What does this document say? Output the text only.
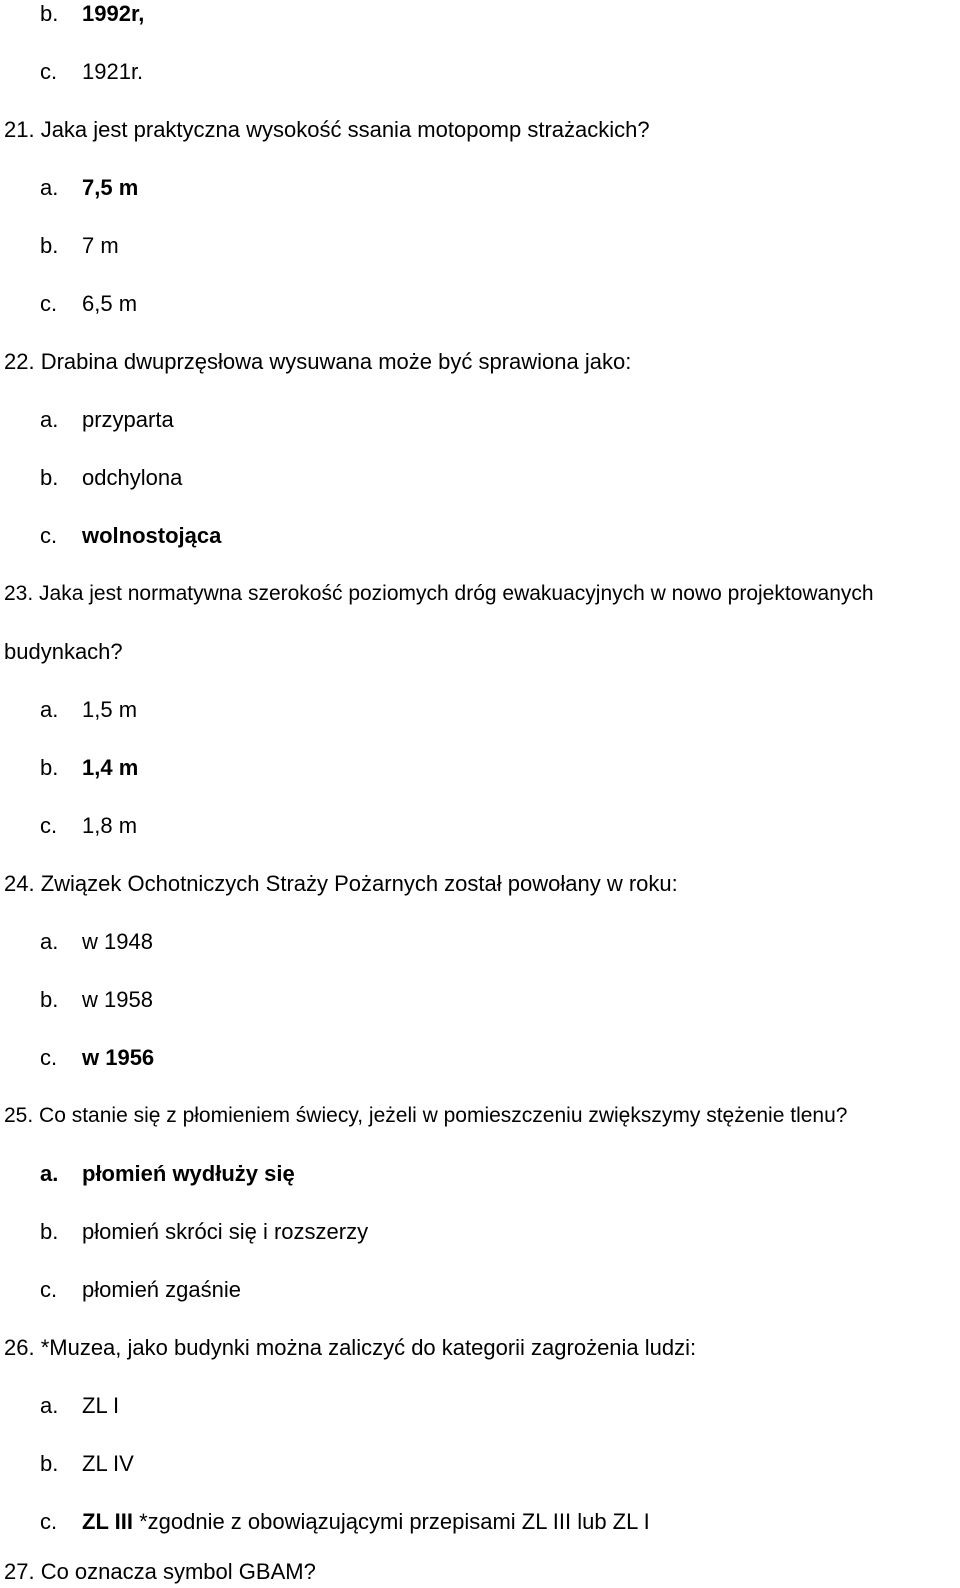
b. 1992r,
c. 1921r.
21. Jaka jest praktyczna wysokość ssania motopomp strażackich?
a. 7,5 m
b. 7 m
c. 6,5 m
22. Drabina dwuprzęsłowa wysuwana może być sprawiona jako:
a. przyparta
b. odchylona
c. wolnostojąca
23. Jaka jest normatywna szerokość poziomych dróg ewakuacyjnych w nowo projektowanych
budynkach?
a. 1,5 m
b. 1,4 m
c. 1,8 m
24. Związek Ochotniczych Straży Pożarnych został powołany w roku:
a. w 1948
b. w 1958
c. w 1956
25. Co stanie się z płomieniem świecy, jeżeli w pomieszczeniu zwiększymy stężenie tlenu?
a. płomień wydłuży się
b. płomień skróci się i rozszerzy
c. płomień zgaśnie
26. *Muzea, jako budynki można zaliczyć do kategorii zagrożenia ludzi:
a. ZL I
b. ZL IV
c. ZL III *zgodnie z obowiązującymi przepisami ZL III lub ZL I
27. Co oznacza symbol GBAM?
